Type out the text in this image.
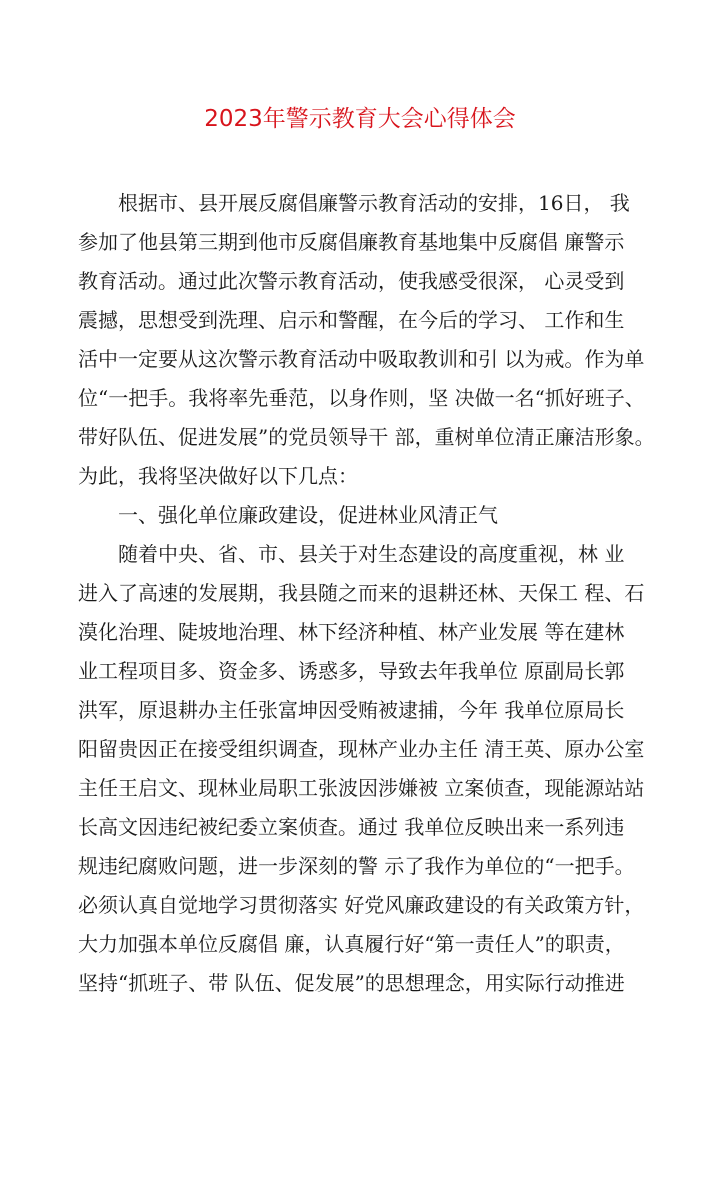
2023年警示教育大会心得体会
根据市、县开展反腐倡廉警示教育活动的安排，16日， 我
参加了他县第三期到他市反腐倡廉教育基地集中反腐倡 廉警示
教育活动。通过此次警示教育活动，使我感受很深， 心灵受到
震撼，思想受到洗理、启示和警醒，在今后的学习、 工作和生
活中一定要从这次警示教育活动中吸取教训和引 以为戒。作为单
位“一把手。我将率先垂范，以身作则，坚 决做一名“抓好班子、
带好队伍、促进发展”的党员领导干 部，重树单位清正廉洁形象。
为此，我将坚决做好以下几点：
一、强化单位廉政建设，促进林业风清正气
随着中央、省、市、县关于对生态建设的高度重视，林 业
进入了高速的发展期，我县随之而来的退耕还林、天保工 程、石
漠化治理、陡坡地治理、林下经济种植、林产业发展 等在建林
业工程项目多、资金多、诱惑多，导致去年我单位 原副局长郭
洪军，原退耕办主任张富坤因受贿被逮捕，今年 我单位原局长
阳留贵因正在接受组织调查，现林产业办主任 清王英、原办公室
主任王启文、现林业局职工张波因涉嫌被 立案侦查，现能源站站
长高文因违纪被纪委立案侦查。通过 我单位反映出来一系列违
规违纪腐败问题，进一步深刻的警 示了我作为单位的“一把手。
必须认真自觉地学习贯彻落实 好党风廉政建设的有关政策方针，
大力加强本单位反腐倡 廉，认真履行好“第一责任人”的职责，
坚持“抓班子、带 队伍、促发展”的思想理念，用实际行动推进
